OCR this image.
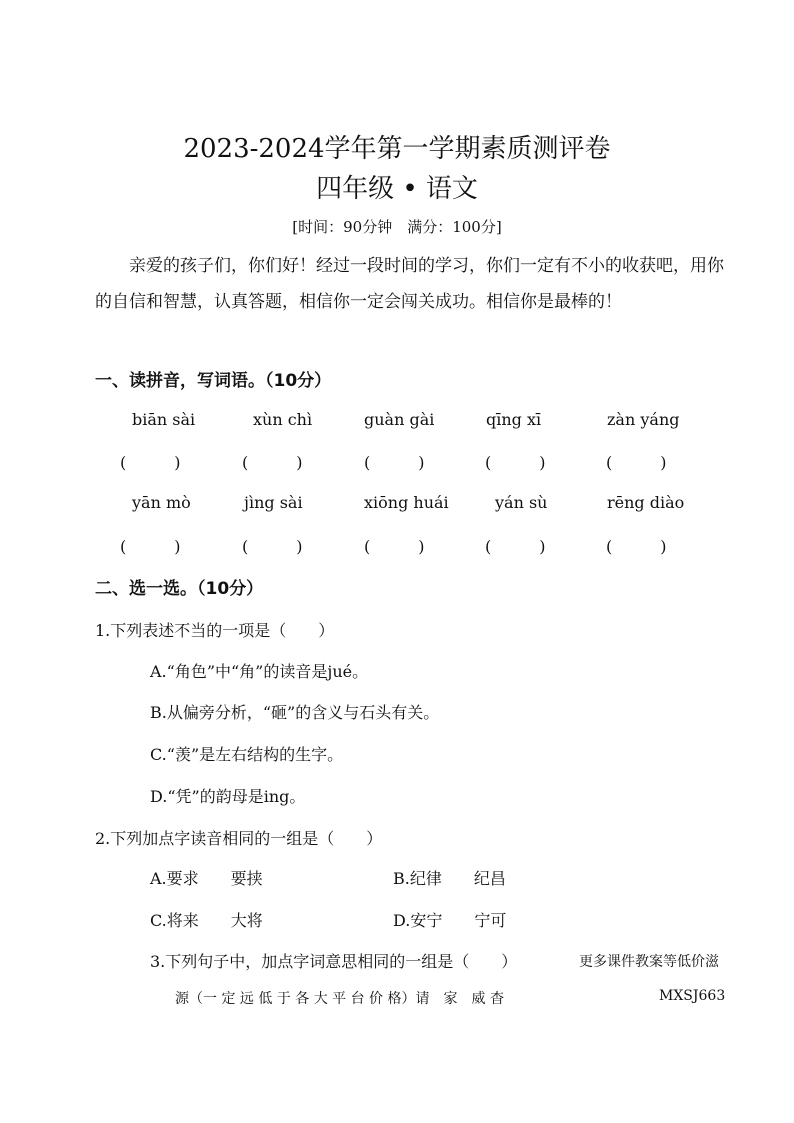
2023-2024学年第一学期素质测评卷
四年级 • 语文
[时间：90分钟　满分：100分]
亲爱的孩子们，你们好！经过一段时间的学习，你们一定有不小的收获吧，用你的自信和智慧，认真答题，相信你一定会闯关成功。相信你是最棒的！
一、读拼音，写词语。（10分）
biān sài	xùn chì	guàn gài	qīng xī	zàn yáng
(　　　)	(　　　)	(　　　)	(　　　)	(　　　)
yān mò	jìng sài	xiōng huái	yán sù	rēng diào
(　　　)	(　　　)	(　　　)	(　　　)	(　　　)
二、选一选。（10分）
1.下列表述不当的一项是（　　）
A.“角色”中“角”的读音是jué。
B.从偏旁分析，“砸”的含义与石头有关。
C.“羡”是左右结构的生字。
D.“凭”的韵母是ing。
2.下列加点字读音相同的一组是（　　）
A.要求　　要挟	B.纪律　　纪昌
C.将来　　大将	D.安宁　　宁可
3.下列句子中，加点字词意思相同的一组是（　　）	更多课件教案等低价滋
源（一 定 远 低 于 各 大 平 台 价 格）请　家　威 杳	MXSJ663
